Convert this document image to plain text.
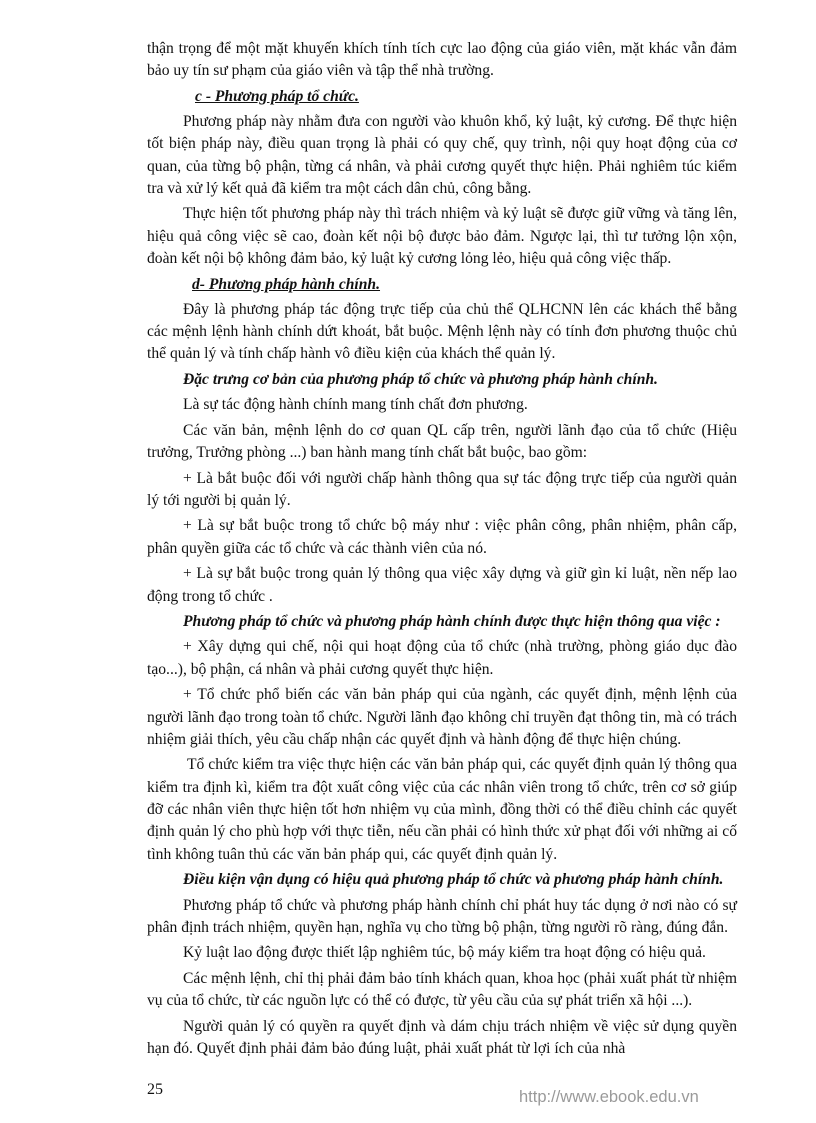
thận trọng để một mặt khuyến khích tính tích cực lao động của giáo viên, mặt khác vẫn đảm bảo uy tín sư phạm của giáo viên và tập thể nhà trường.

c - Phương pháp tổ chức.

Phương pháp này nhằm đưa con người vào khuôn khổ, kỷ luật, kỷ cương. Để thực hiện tốt biện pháp này, điều quan trọng là phải có quy chế, quy trình, nội quy hoạt động của cơ quan, của từng bộ phận, từng cá nhân, và phải cương quyết thực hiện. Phải nghiêm túc kiểm tra và xử lý kết quả đã kiểm tra một cách dân chủ, công bằng.

Thực hiện tốt phương pháp này thì trách nhiệm và kỷ luật sẽ được giữ vững và tăng lên, hiệu quả công việc sẽ cao, đoàn kết nội bộ được bảo đảm. Ngược lại, thì tư tưởng lộn xộn, đoàn kết nội bộ không đảm bảo, kỷ luật kỷ cương lỏng lẻo, hiệu quả công việc thấp.

d- Phương pháp hành chính.

Đây là phương pháp tác động trực tiếp của chủ thể QLHCNN lên các khách thể bằng các mệnh lệnh hành chính dứt khoát, bắt buộc. Mệnh lệnh này có tính đơn phương thuộc chủ thể quản lý và tính chấp hành vô điều kiện của khách thể quản lý.

Đặc trưng cơ bản của phương pháp tổ chức và phương pháp hành chính.

Là sự tác động hành chính mang tính chất đơn phương.

Các văn bản, mệnh lệnh do cơ quan QL cấp trên, người lãnh đạo của tổ chức (Hiệu trưởng, Trưởng phòng ...) ban hành mang tính chất bắt buộc, bao gồm:

+ Là bắt buộc đối với người chấp hành thông qua sự tác động trực tiếp của người quản lý tới người bị quản lý.

+ Là sự bắt buộc trong tổ chức bộ máy như : việc phân công, phân nhiệm, phân cấp, phân quyền giữa các tổ chức và các thành viên của nó.

+ Là sự bắt buộc trong quản lý thông qua việc xây dựng và giữ gìn kỉ luật, nền nếp lao động trong tổ chức .

Phương pháp tổ chức và phương pháp hành chính được thực hiện thông qua việc :

+ Xây dựng qui chế, nội qui hoạt động của tổ chức (nhà trường, phòng giáo dục đào tạo...), bộ phận, cá nhân và phải cương quyết thực hiện.

+ Tổ chức phổ biến các văn bản pháp qui của ngành, các quyết định, mệnh lệnh của người lãnh đạo trong toàn tổ chức. Người lãnh đạo không chỉ truyền đạt thông tin, mà có trách nhiệm giải thích, yêu cầu chấp nhận các quyết định và hành động để thực hiện chúng.

Tổ chức kiểm tra việc thực hiện các văn bản pháp qui, các quyết định quản lý thông qua kiểm tra định kì, kiểm tra đột xuất công việc của các nhân viên trong tổ chức, trên cơ sở giúp đỡ các nhân viên thực hiện tốt hơn nhiệm vụ của mình, đồng thời có thể điều chỉnh các quyết định quản lý cho phù hợp với thực tiễn, nếu cần phải có hình thức xử phạt đối với những ai cố tình không tuân thủ các văn bản pháp qui, các quyết định quản lý.

Điều kiện vận dụng có hiệu quả phương pháp tổ chức và phương pháp hành chính.

Phương pháp tổ chức và phương pháp hành chính chỉ phát huy tác dụng ở nơi nào có sự phân định trách nhiệm, quyền hạn, nghĩa vụ cho từng bộ phận, từng người rõ ràng, đúng đắn.

Kỷ luật lao động được thiết lập nghiêm túc, bộ máy kiểm tra hoạt động có hiệu quả.

Các mệnh lệnh, chỉ thị phải đảm bảo tính khách quan, khoa học (phải xuất phát từ nhiệm vụ của tổ chức, từ các nguồn lực có thể có được, từ yêu cầu của sự phát triển xã hội ...).

Người quản lý có quyền ra quyết định và dám chịu trách nhiệm về việc sử dụng quyền hạn đó. Quyết định phải đảm bảo đúng luật, phải xuất phát từ lợi ích của nhà

25	http://www.ebook.edu.vn
